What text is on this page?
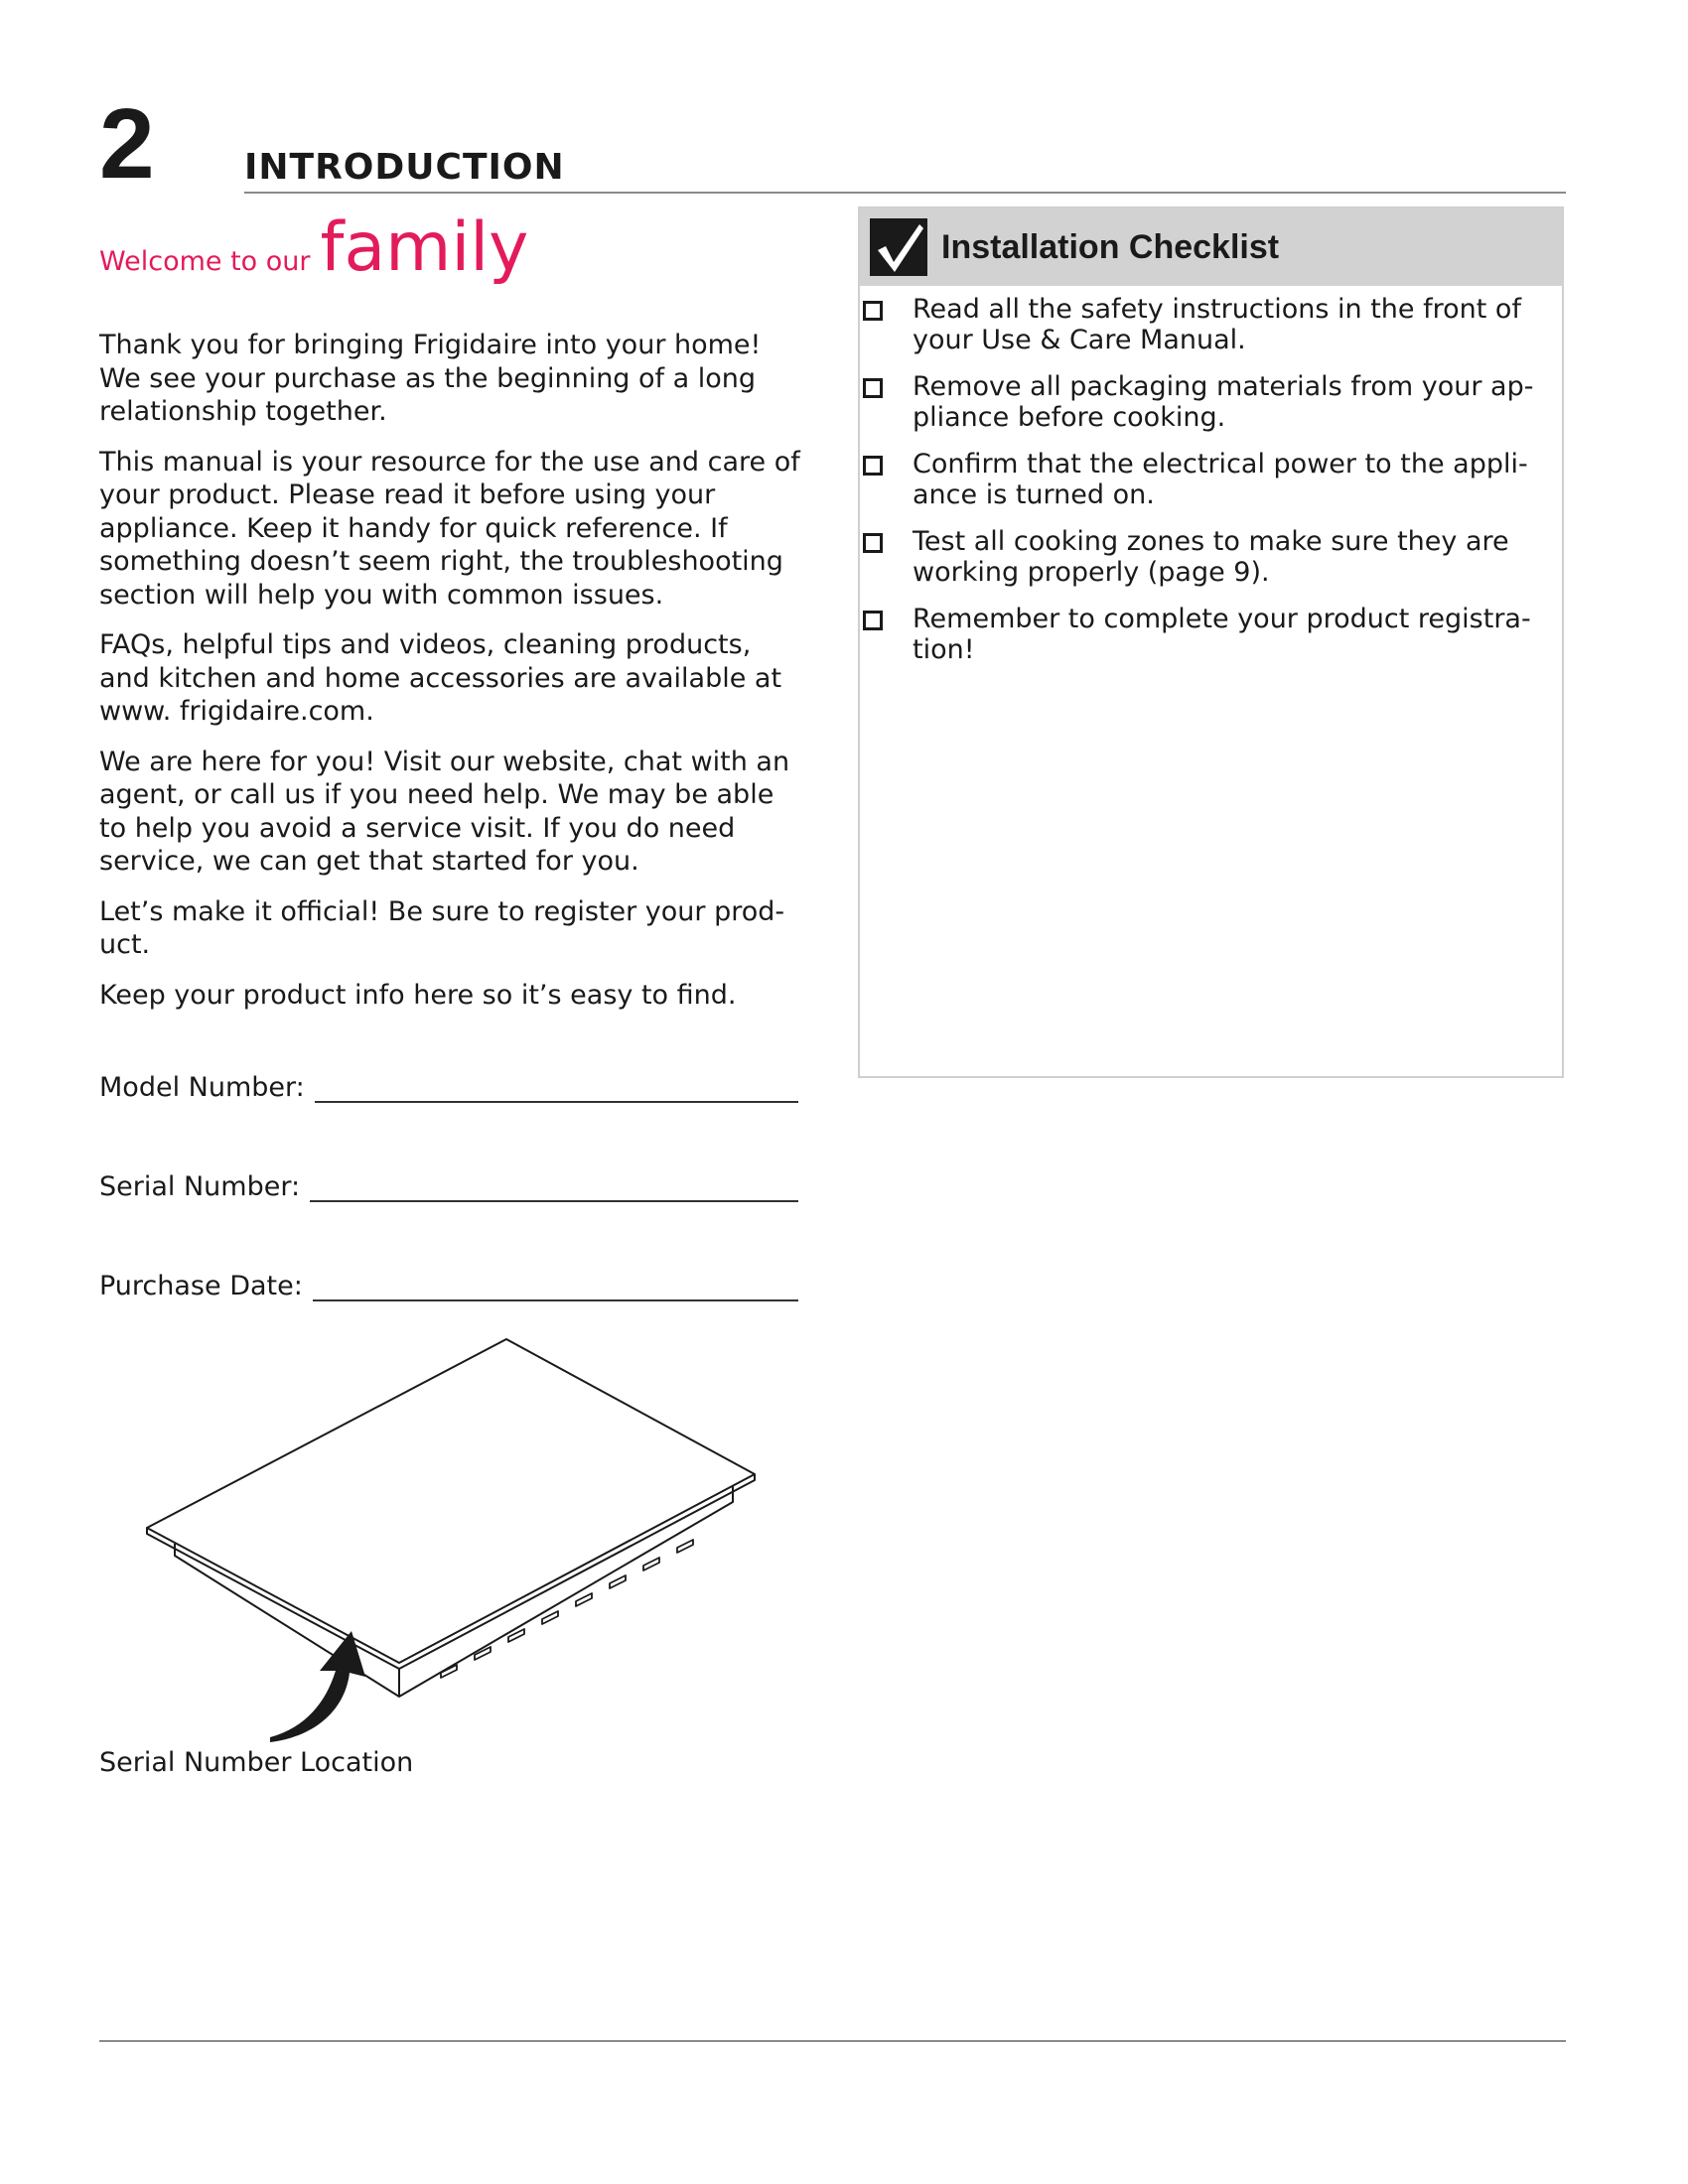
2	INTRODUCTION
Welcome to our family

Thank you for bringing Frigidaire into your home! We see your purchase as the beginning of a long relationship together.

This manual is your resource for the use and care of your product. Please read it before using your appliance. Keep it handy for quick reference. If something doesn’t seem right, the troubleshooting section will help you with common issues.

FAQs, helpful tips and videos, cleaning products, and kitchen and home accessories are available at www. frigidaire.com.

We are here for you! Visit our website, chat with an agent, or call us if you need help. We may be able to help you avoid a service visit. If you do need service, we can get that started for you.

Let’s make it official! Be sure to register your prod- uct.

Keep your product info here so it’s easy to find.

Model Number:
Serial Number:
Purchase Date:
Serial Number Location
Installation Checklist
Read all the safety instructions in the front of your Use & Care Manual.
Remove all packaging materials from your ap- pliance before cooking.
Confirm that the electrical power to the appli- ance is turned on.
Test all cooking zones to make sure they are working properly (page 9).
Remember to complete your product registra- tion!
